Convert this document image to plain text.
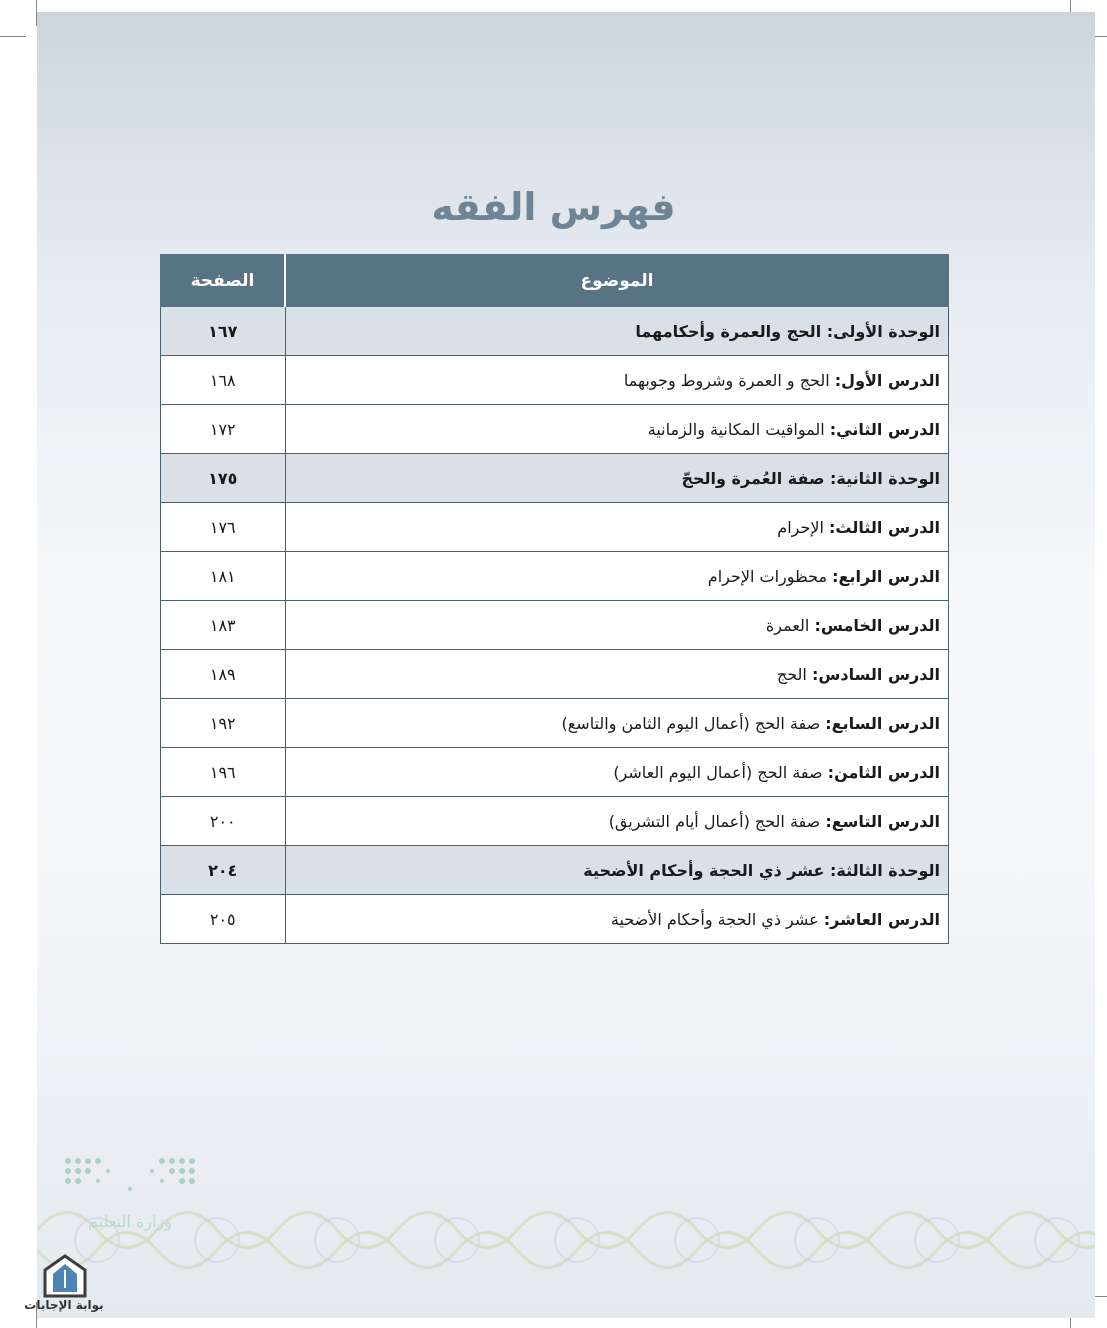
فهرس الفقه
الموضوع	الصفحة
الوحدة الأولى: الحج والعمرة وأحكامهما	١٦٧
الدرس الأول: الحج و العمرة وشروط وجوبهما	١٦٨
الدرس الثاني: المواقيت المكانية والزمانية	١٧٢
الوحدة الثانية: صفة العُمرة والحجّ	١٧٥
الدرس الثالث: الإحرام	١٧٦
الدرس الرابع: محظورات الإحرام	١٨١
الدرس الخامس: العمرة	١٨٣
الدرس السادس: الحج	١٨٩
الدرس السابع: صفة الحج (أعمال اليوم الثامن والتاسع)	١٩٢
الدرس الثامن: صفة الحج (أعمال اليوم العاشر)	١٩٦
الدرس التاسع: صفة الحج (أعمال أيام التشريق)	٢٠٠
الوحدة الثالثة: عشر ذي الحجة وأحكام الأضحية	٢٠٤
الدرس العاشر: عشر ذي الحجة وأحكام الأضحية	٢٠٥
وزارة التعليم
بوابة الإجابات
